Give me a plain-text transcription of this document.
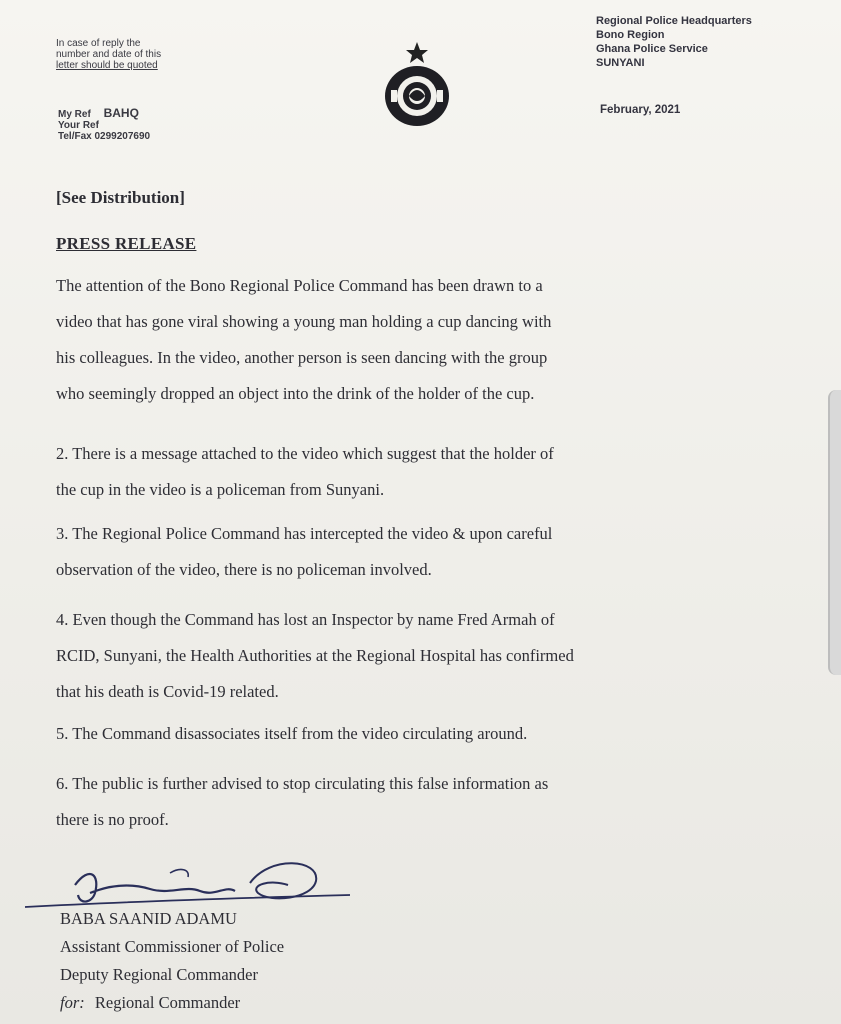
In case of reply the
number and date of this
letter should be quoted
Regional Police Headquarters
Bono Region
Ghana Police Service
SUNYANI
February, 2021
My Ref BAHQ
Your Ref
Tel/Fax 0299207690
[See Distribution]
PRESS RELEASE
The attention of the Bono Regional Police Command has been drawn to a
video that has gone viral showing a young man holding a cup dancing with
his colleagues. In the video, another person is seen dancing with the group
who seemingly dropped an object into the drink of the holder of the cup.
2. There is a message attached to the video which suggest that the holder of
the cup in the video is a policeman from Sunyani.
3. The Regional Police Command has intercepted the video & upon careful
observation of the video, there is no policeman involved.
4. Even though the Command has lost an Inspector by name Fred Armah of
RCID, Sunyani, the Health Authorities at the Regional Hospital has confirmed
that his death is Covid-19 related.
5. The Command disassociates itself from the video circulating around.
6. The public is further advised to stop circulating this false information as
there is no proof.
BABA SAANID ADAMU
Assistant Commissioner of Police
Deputy Regional Commander
for: Regional Commander
